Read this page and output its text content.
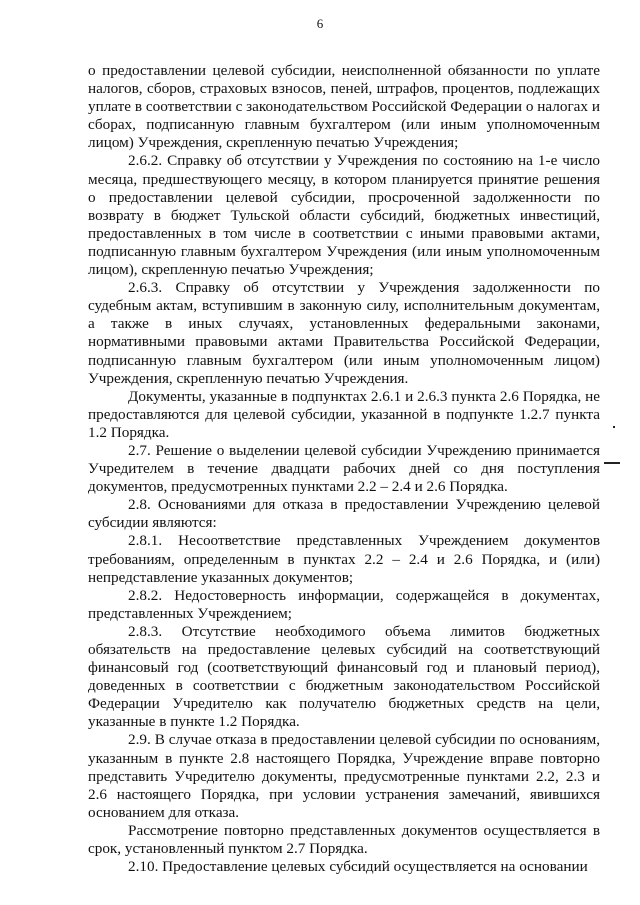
6

о предоставлении целевой субсидии, неисполненной обязанности по уплате налогов, сборов, страховых взносов, пеней, штрафов, процентов, подлежащих уплате в соответствии с законодательством Российской Федерации о налогах и сборах, подписанную главным бухгалтером (или иным уполномоченным лицом) Учреждения, скрепленную печатью Учреждения;

2.6.2. Справку об отсутствии у Учреждения по состоянию на 1-е число месяца, предшествующего месяцу, в котором планируется принятие решения о предоставлении целевой субсидии, просроченной задолженности по возврату в бюджет Тульской области субсидий, бюджетных инвестиций, предоставленных в том числе в соответствии с иными правовыми актами, подписанную главным бухгалтером Учреждения (или иным уполномоченным лицом), скрепленную печатью Учреждения;

2.6.3. Справку об отсутствии у Учреждения задолженности по судебным актам, вступившим в законную силу, исполнительным документам, а также в иных случаях, установленных федеральными законами, нормативными правовыми актами Правительства Российской Федерации, подписанную главным бухгалтером (или иным уполномоченным лицом) Учреждения, скрепленную печатью Учреждения.

Документы, указанные в подпунктах 2.6.1 и 2.6.3 пункта 2.6 Порядка, не предоставляются для целевой субсидии, указанной в подпункте 1.2.7 пункта 1.2 Порядка.

2.7. Решение о выделении целевой субсидии Учреждению принимается Учредителем в течение двадцати рабочих дней со дня поступления документов, предусмотренных пунктами 2.2 – 2.4 и 2.6 Порядка.

2.8. Основаниями для отказа в предоставлении Учреждению целевой субсидии являются:

2.8.1. Несоответствие представленных Учреждением документов требованиям, определенным в пунктах 2.2 – 2.4 и 2.6 Порядка, и (или) непредставление указанных документов;

2.8.2. Недостоверность информации, содержащейся в документах, представленных Учреждением;

2.8.3. Отсутствие необходимого объема лимитов бюджетных обязательств на предоставление целевых субсидий на соответствующий финансовый год (соответствующий финансовый год и плановый период), доведенных в соответствии с бюджетным законодательством Российской Федерации Учредителю как получателю бюджетных средств на цели, указанные в пункте 1.2 Порядка.

2.9. В случае отказа в предоставлении целевой субсидии по основаниям, указанным в пункте 2.8 настоящего Порядка, Учреждение вправе повторно представить Учредителю документы, предусмотренные пунктами 2.2, 2.3 и 2.6 настоящего Порядка, при условии устранения замечаний, явившихся основанием для отказа.

Рассмотрение повторно представленных документов осуществляется в срок, установленный пунктом 2.7 Порядка.

2.10. Предоставление целевых субсидий осуществляется на основании
